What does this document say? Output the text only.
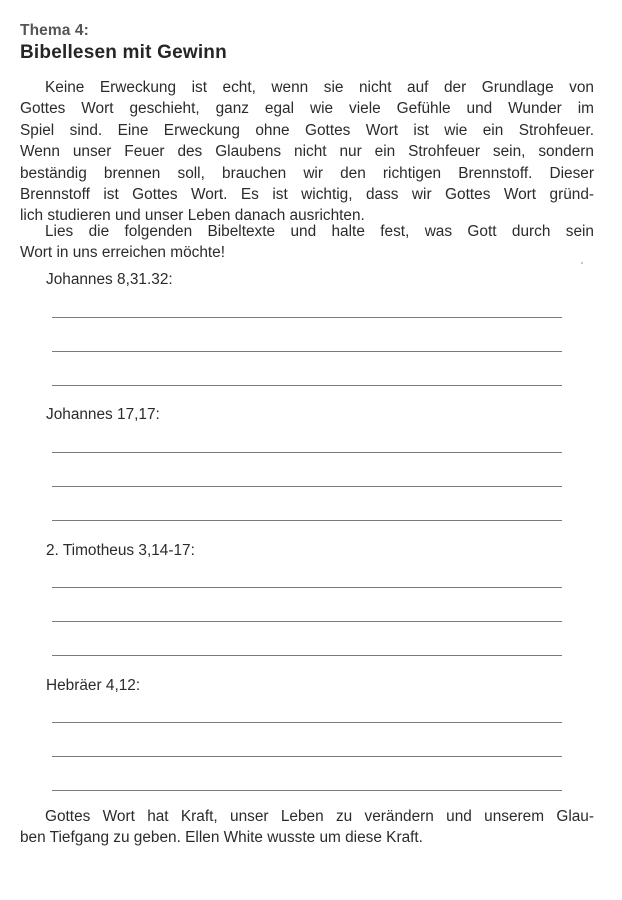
Thema 4:
Bibellesen mit Gewinn
Keine Erweckung ist echt, wenn sie nicht auf der Grundlage von
Gottes Wort geschieht, ganz egal wie viele Gefühle und Wunder im
Spiel sind. Eine Erweckung ohne Gottes Wort ist wie ein Strohfeuer.
Wenn unser Feuer des Glaubens nicht nur ein Strohfeuer sein, sondern
beständig brennen soll, brauchen wir den richtigen Brennstoff. Dieser
Brennstoff ist Gottes Wort. Es ist wichtig, dass wir Gottes Wort gründ-
lich studieren und unser Leben danach ausrichten.
Lies die folgenden Bibeltexte und halte fest, was Gott durch sein
Wort in uns erreichen möchte!
Johannes 8,31.32:
Johannes 17,17:
2. Timotheus 3,14-17:
Hebräer 4,12:
Gottes Wort hat Kraft, unser Leben zu verändern und unserem Glau-
ben Tiefgang zu geben. Ellen White wusste um diese Kraft.
